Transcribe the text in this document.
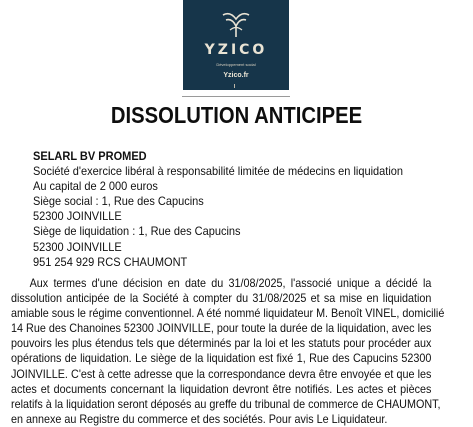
YZICO
Développement social
Yzico.fr
DISSOLUTION ANTICIPEE
SELARL BV PROMED
Société d'exercice libéral à responsabilité limitée de médecins en liquidation
Au capital de 2 000 euros
Siège social : 1, Rue des Capucins
52300 JOINVILLE
Siège de liquidation : 1, Rue des Capucins
52300 JOINVILLE
951 254 929 RCS CHAUMONT
Aux termes d'une décision en date du 31/08/2025, l'associé unique a décidé la
dissolution anticipée de la Société à compter du 31/08/2025 et sa mise en liquidation
amiable sous le régime conventionnel. A été nommé liquidateur M. Benoît VINEL, domicilié
14 Rue des Chanoines 52300 JOINVILLE, pour toute la durée de la liquidation, avec les
pouvoirs les plus étendus tels que déterminés par la loi et les statuts pour procéder aux
opérations de liquidation. Le siège de la liquidation est fixé 1, Rue des Capucins 52300
JOINVILLE. C'est à cette adresse que la correspondance devra être envoyée et que les
actes et documents concernant la liquidation devront être notifiés. Les actes et pièces
relatifs à la liquidation seront déposés au greffe du tribunal de commerce de CHAUMONT,
en annexe au Registre du commerce et des sociétés. Pour avis Le Liquidateur.
